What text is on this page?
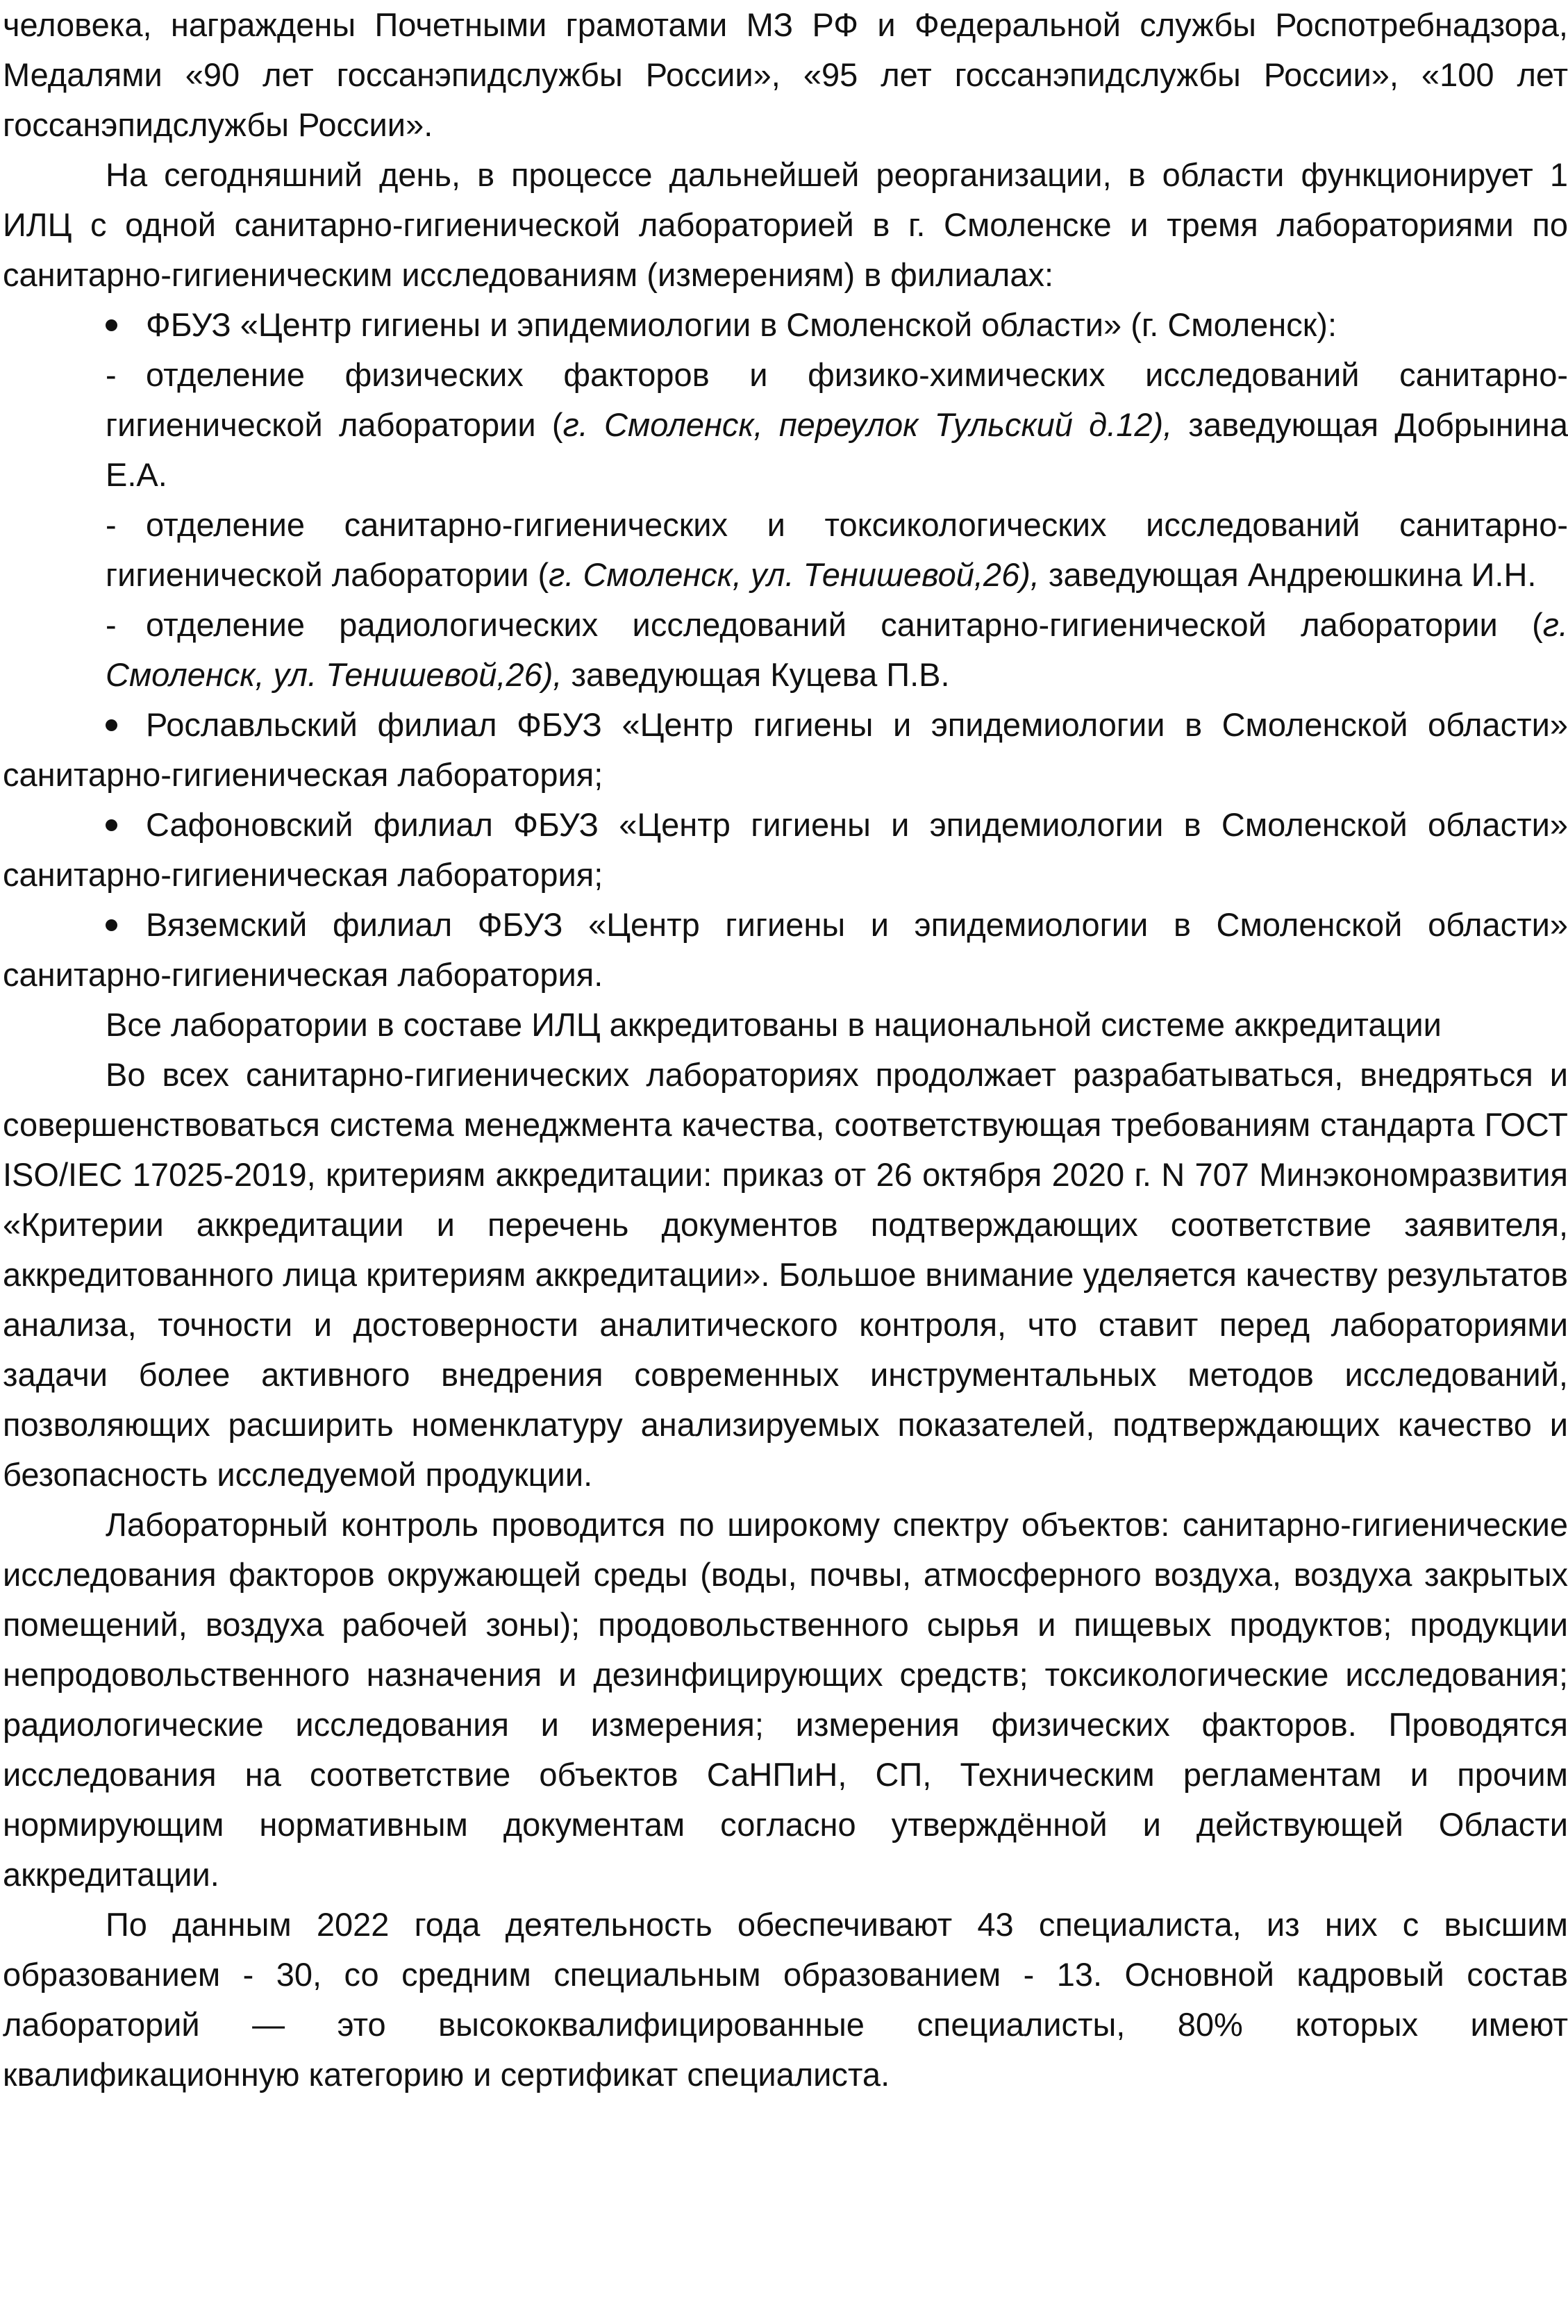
человека, награждены Почетными грамотами МЗ РФ и Федеральной службы Роспотребнадзора, Медалями «90 лет госсанэпидслужбы России», «95 лет госсанэпидслужбы России», «100 лет госсанэпидслужбы России».

На сегодняшний день, в процессе дальнейшей реорганизации, в области функционирует 1 ИЛЦ с одной санитарно-гигиенической лабораторией в г. Смоленске и тремя лабораториями по санитарно-гигиеническим исследованиям (измерениям) в филиалах:

ФБУЗ «Центр гигиены и эпидемиологии в Смоленской области» (г. Смоленск):

- отделение физических факторов и физико-химических исследований санитарно-гигиенической лаборатории (г. Смоленск, переулок Тульский д.12), заведующая Добрынина Е.А.

- отделение санитарно-гигиенических и токсикологических исследований санитарно-гигиенической лаборатории (г. Смоленск, ул. Тенишевой,26), заведующая Андреюшкина И.Н.

- отделение радиологических исследований санитарно-гигиенической лаборатории (г. Смоленск, ул. Тенишевой,26), заведующая Куцева П.В.

Рославльский филиал ФБУЗ «Центр гигиены и эпидемиологии в Смоленской области» санитарно-гигиеническая лаборатория;

Сафоновский филиал ФБУЗ «Центр гигиены и эпидемиологии в Смоленской области» санитарно-гигиеническая лаборатория;

Вяземский филиал ФБУЗ «Центр гигиены и эпидемиологии в Смоленской области» санитарно-гигиеническая лаборатория.

Все лаборатории в составе ИЛЦ аккредитованы в национальной системе аккредитации

Во всех санитарно-гигиенических лабораториях продолжает разрабатываться, внедряться и совершенствоваться система менеджмента качества, соответствующая требованиям стандарта ГОСТ ISO/IEC 17025-2019, критериям аккредитации: приказ от 26 октября 2020 г. N 707 Минэкономразвития «Критерии аккредитации и перечень документов подтверждающих соответствие заявителя, аккредитованного лица критериям аккредитации». Большое внимание уделяется качеству результатов анализа, точности и достоверности аналитического контроля, что ставит перед лабораториями задачи более активного внедрения современных инструментальных методов исследований, позволяющих расширить номенклатуру анализируемых показателей, подтверждающих качество и безопасность исследуемой продукции.

Лабораторный контроль проводится по широкому спектру объектов: санитарно-гигиенические исследования факторов окружающей среды (воды, почвы, атмосферного воздуха, воздуха закрытых помещений, воздуха рабочей зоны); продовольственного сырья и пищевых продуктов; продукции непродовольственного назначения и дезинфицирующих средств; токсикологические исследования; радиологические исследования и измерения; измерения физических факторов. Проводятся исследования на соответствие объектов СаНПиН, СП, Техническим регламентам и прочим нормирующим нормативным документам согласно утверждённой и действующей Области аккредитации.

По данным 2022 года деятельность обеспечивают 43 специалиста, из них с высшим образованием - 30, со средним специальным образованием - 13. Основной кадровый состав лабораторий — это высококвалифицированные специалисты, 80% которых имеют квалификационную категорию и сертификат специалиста.
